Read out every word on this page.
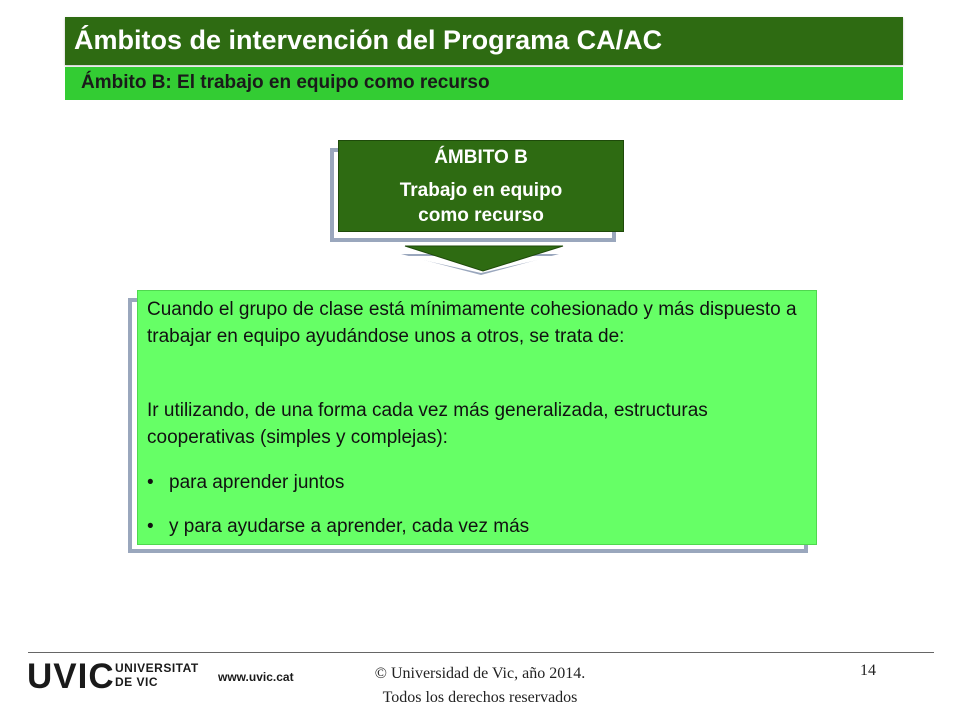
Ámbitos de intervención del Programa CA/AC
Ámbito B: El trabajo en equipo como recurso
ÁMBITO B
Trabajo en equipo
como recurso
Cuando el grupo de clase está mínimamente cohesionado y más dispuesto a trabajar en equipo ayudándose unos a otros, se trata de:
Ir utilizando, de una forma cada vez más generalizada, estructuras cooperativas (simples y complejas):
• para aprender juntos
• y para ayudarse a aprender, cada vez más
UVIC UNIVERSITAT
DE VIC	www.uvic.cat	© Universidad de Vic, año 2014.
Todos los derechos reservados
14
